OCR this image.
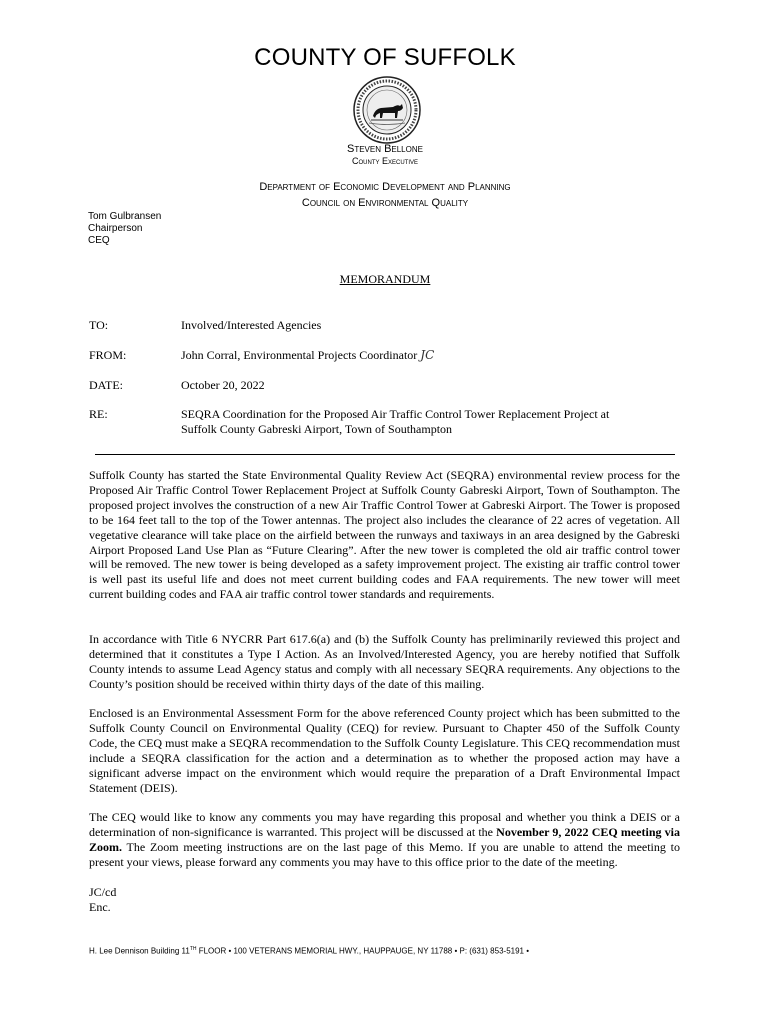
COUNTY OF SUFFOLK
Steven Bellone
County Executive
Department of Economic Development and Planning
Council on Environmental Quality
Tom Gulbransen
Chairperson
CEQ
MEMORANDUM
TO:	Involved/Interested Agencies
FROM:	John Corral, Environmental Projects Coordinator JC
DATE:	October 20, 2022
RE:	SEQRA Coordination for the Proposed Air Traffic Control Tower Replacement Project at
Suffolk County Gabreski Airport, Town of Southampton

Suffolk County has started the State Environmental Quality Review Act (SEQRA) environmental review process for the Proposed Air Traffic Control Tower Replacement Project at Suffolk County Gabreski Airport, Town of Southampton. The proposed project involves the construction of a new Air Traffic Control Tower at Gabreski Airport. The Tower is proposed to be 164 feet tall to the top of the Tower antennas. The project also includes the clearance of 22 acres of vegetation. All vegetative clearance will take place on the airfield between the runways and taxiways in an area designed by the Gabreski Airport Proposed Land Use Plan as “Future Clearing”. After the new tower is completed the old air traffic control tower will be removed. The new tower is being developed as a safety improvement project. The existing air traffic control tower is well past its useful life and does not meet current building codes and FAA requirements. The new tower will meet current building codes and FAA air traffic control tower standards and requirements.

In accordance with Title 6 NYCRR Part 617.6(a) and (b) the Suffolk County has preliminarily reviewed this project and determined that it constitutes a Type I Action. As an Involved/Interested Agency, you are hereby notified that Suffolk County intends to assume Lead Agency status and comply with all necessary SEQRA requirements. Any objections to the County’s position should be received within thirty days of the date of this mailing.

Enclosed is an Environmental Assessment Form for the above referenced County project which has been submitted to the Suffolk County Council on Environmental Quality (CEQ) for review. Pursuant to Chapter 450 of the Suffolk County Code, the CEQ must make a SEQRA recommendation to the Suffolk County Legislature. This CEQ recommendation must include a SEQRA classification for the action and a determination as to whether the proposed action may have a significant adverse impact on the environment which would require the preparation of a Draft Environmental Impact Statement (DEIS).

The CEQ would like to know any comments you may have regarding this proposal and whether you think a DEIS or a determination of non-significance is warranted. This project will be discussed at the November 9, 2022 CEQ meeting via Zoom. The Zoom meeting instructions are on the last page of this Memo. If you are unable to attend the meeting to present your views, please forward any comments you may have to this office prior to the date of the meeting.

JC/cd
Enc.
H. Lee Dennison Building 11TH FLOOR • 100 VETERANS MEMORIAL HWY., HAUPPAUGE, NY 11788 • P: (631) 853-5191 •
